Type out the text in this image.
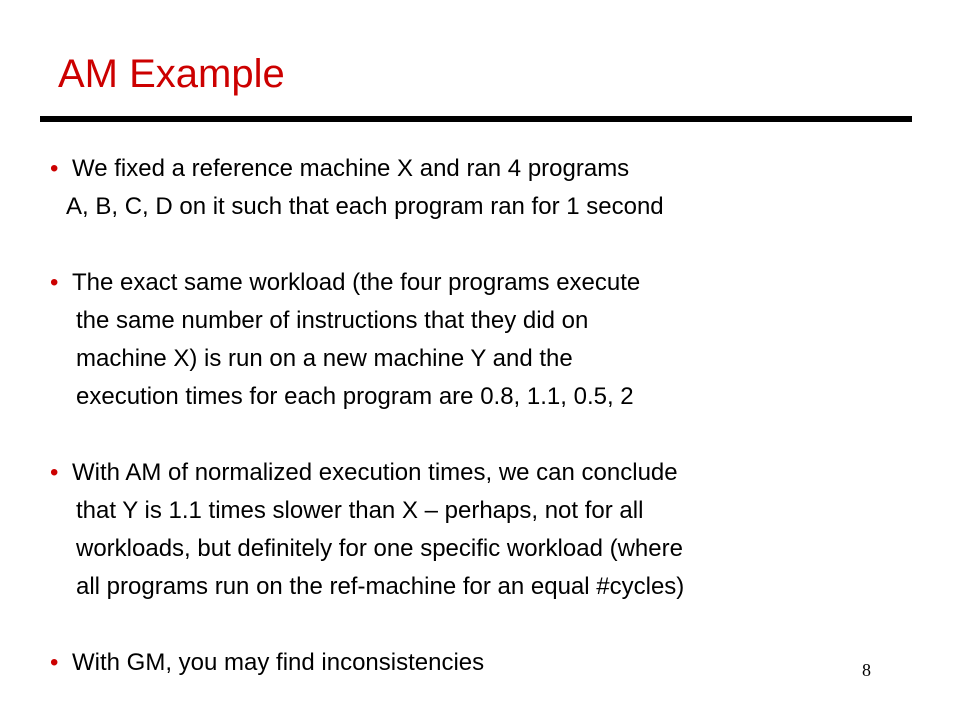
AM Example
• We fixed a reference machine X and ran 4 programs
A, B, C, D on it such that each program ran for 1 second
• The exact same workload (the four programs execute
the same number of instructions that they did on
machine X) is run on a new machine Y and the
execution times for each program are 0.8, 1.1, 0.5, 2
• With AM of normalized execution times, we can conclude
that Y is 1.1 times slower than X – perhaps, not for all
workloads, but definitely for one specific workload (where
all programs run on the ref-machine for an equal #cycles)
• With GM, you may find inconsistencies	8
